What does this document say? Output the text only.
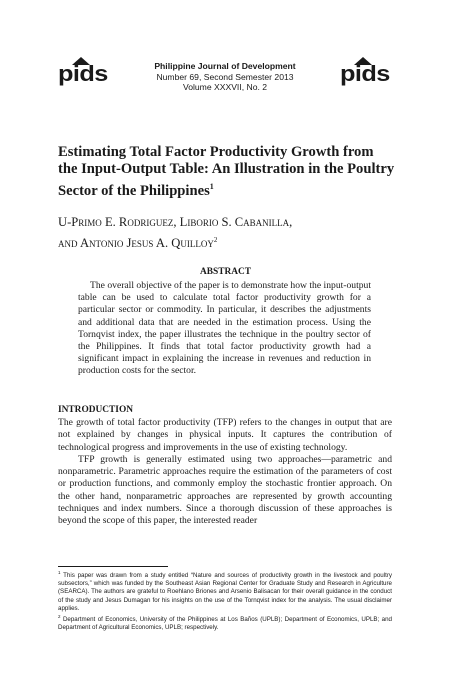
pids	Philippine Journal of Development
Number 69, Second Semester 2013
Volume XXXVII, No. 2
pids
Estimating Total Factor Productivity Growth from
the Input-Output Table: An Illustration in the Poultry
Sector of the Philippines$^1$
U-Primo E. Rodriguez, Liborio S. Cabanilla,
and Antonio Jesus A. Quilloy$^2$
ABSTRACT

The overall objective of the paper is to demonstrate how the input-output table can be used to calculate total factor productivity growth for a particular sector or commodity. In particular, it describes the adjustments and additional data that are needed in the estimation process. Using the Tornqvist index, the paper illustrates the technique in the poultry sector of the Philippines. It finds that total factor productivity growth had a significant impact in explaining the increase in revenues and reduction in production costs for the sector.

INTRODUCTION

The growth of total factor productivity (TFP) refers to the changes in output that are not explained by changes in physical inputs. It captures the contribution of technological progress and improvements in the use of existing technology.

TFP growth is generally estimated using two approaches—parametric and nonparametric. Parametric approaches require the estimation of the parameters of cost or production functions, and commonly employ the stochastic frontier approach. On the other hand, nonparametric approaches are represented by growth accounting techniques and index numbers. Since a thorough discussion of these approaches is beyond the scope of this paper, the interested reader

$^1$ This paper was drawn from a study entitled “Nature and sources of productivity growth in the livestock and poultry subsectors,” which was funded by the Southeast Asian Regional Center for Graduate Study and Research in Agriculture (SEARCA). The authors are grateful to Roehlano Briones and Arsenio Balisacan for their overall guidance in the conduct of the study and Jesus Dumagan for his insights on the use of the Tornqvist index for the analysis. The usual disclaimer applies.

$^2$ Department of Economics, University of the Philippines at Los Baños (UPLB); Department of Economics, UPLB; and Department of Agricultural Economics, UPLB; respectively.
